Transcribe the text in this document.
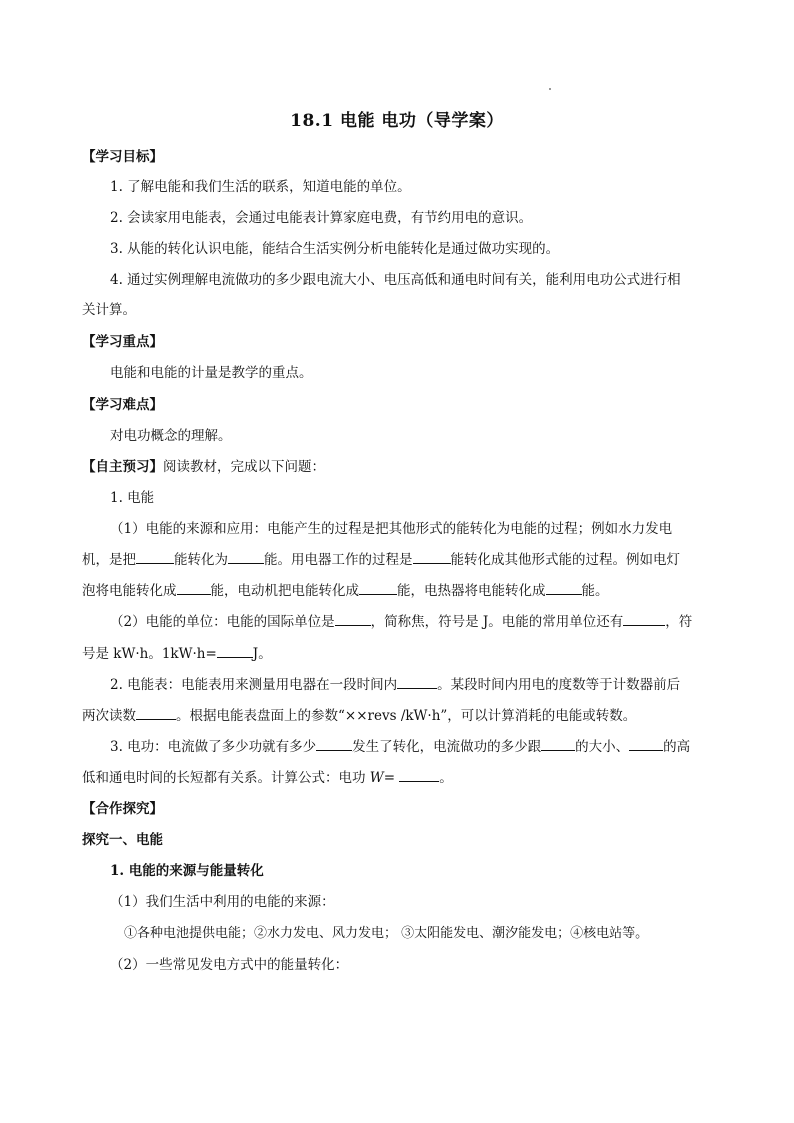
18.1 电能 电功（导学案）
【学习目标】
1. 了解电能和我们生活的联系，知道电能的单位。
2. 会读家用电能表，会通过电能表计算家庭电费，有节约用电的意识。
3. 从能的转化认识电能，能结合生活实例分析电能转化是通过做功实现的。
4. 通过实例理解电流做功的多少跟电流大小、电压高低和通电时间有关，能利用电功公式进行相
关计算。
【学习重点】
电能和电能的计量是教学的重点。
【学习难点】
对电功概念的理解。
【自主预习】阅读教材，完成以下问题：
1. 电能
（1）电能的来源和应用：电能产生的过程是把其他形式的能转化为电能的过程；例如水力发电
机，是把	能转化为	能。用电器工作的过程是	能转化成其他形式能的过程。例如电灯
泡将电能转化成	能，电动机把电能转化成	能，电热器将电能转化成	能。
（2）电能的单位：电能的国际单位是	，简称焦，符号是 J。电能的常用单位还有	，符
号是 kW·h。1kW·h=	J。
2. 电能表：电能表用来测量用电器在一段时间内	。某段时间内用电的度数等于计数器前后
两次读数	。根据电能表盘面上的参数“××revs /kW·h”，可以计算消耗的电能或转数。
3. 电功：电流做了多少功就有多少	发生了转化，电流做功的多少跟	的大小、	的高
低和通电时间的长短都有关系。计算公式：电功 W=	。
【合作探究】
探究一、电能
1. 电能的来源与能量转化
（1）我们生活中利用的电能的来源：
①各种电池提供电能；②水力发电、风力发电； ③太阳能发电、潮汐能发电；④核电站等。
（2）一些常见发电方式中的能量转化：
